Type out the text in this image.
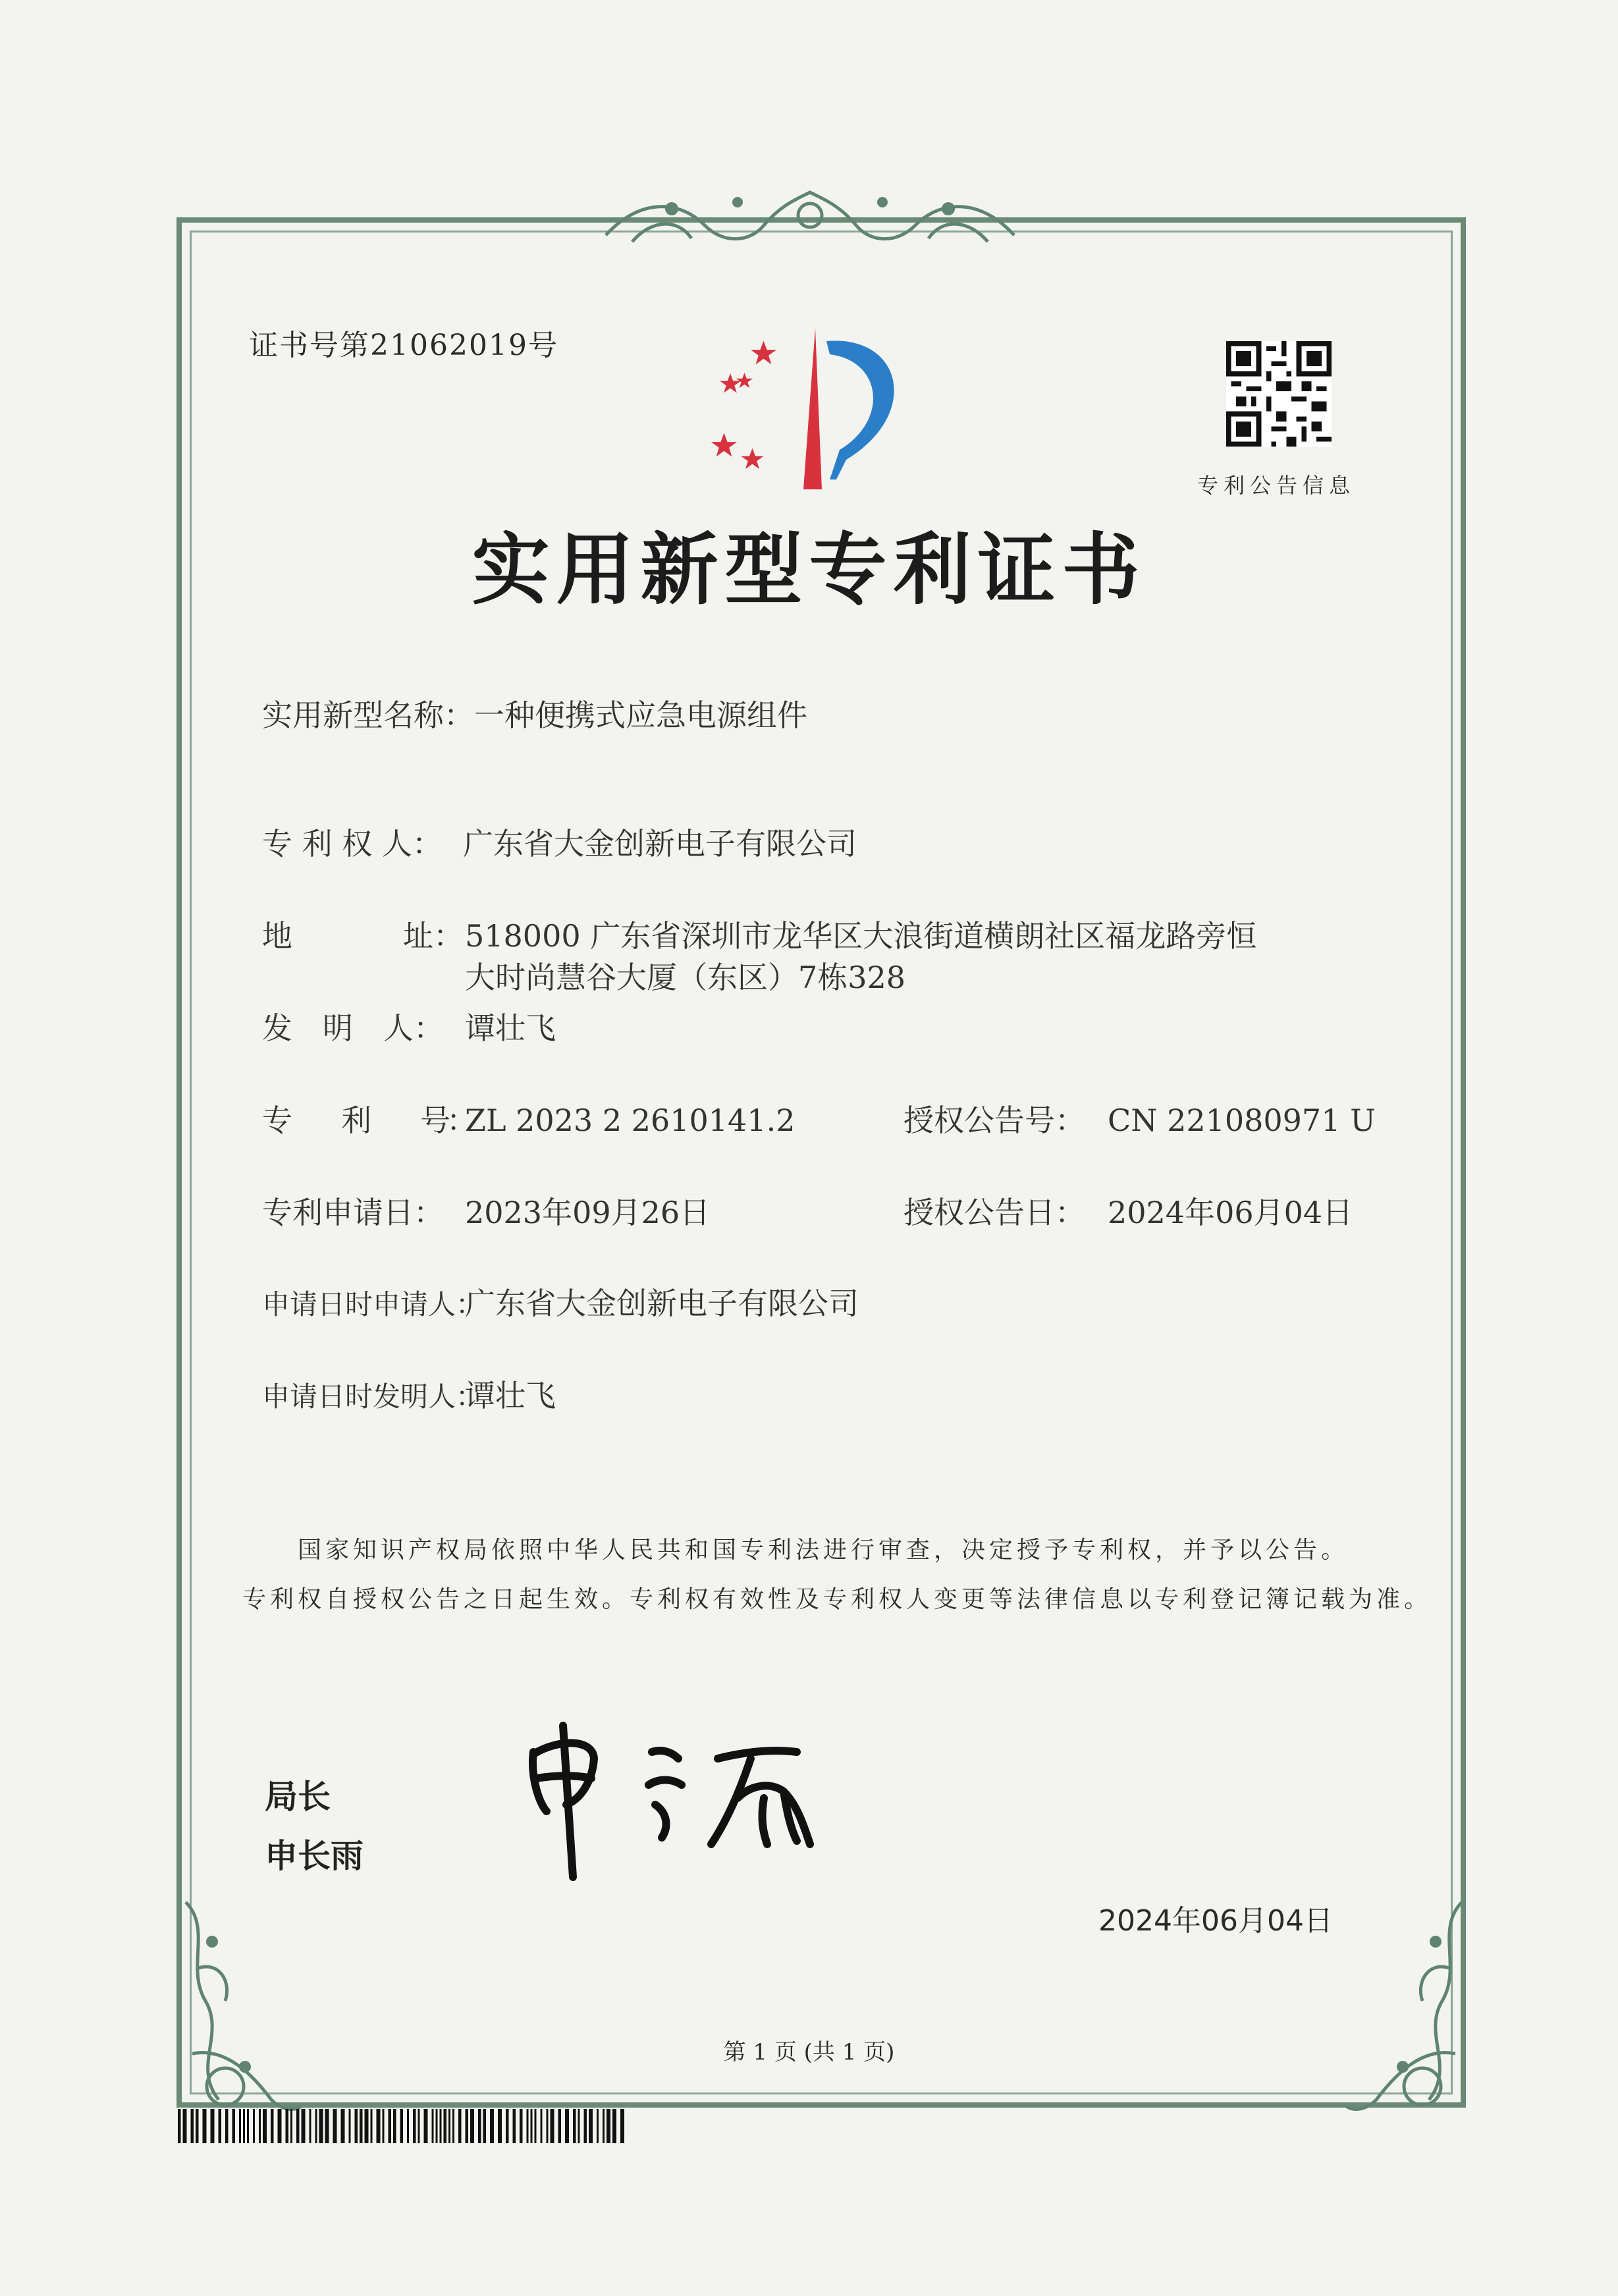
证书号第21062019号
专利公告信息
实用新型专利证书
实用新型名称：一种便携式应急电源组件
专 利 权 人： 广东省大金创新电子有限公司
地	址： 518000 广东省深圳市龙华区大浪街道横朗社区福龙路旁恒
大时尚慧谷大厦（东区）7栋328
发　明　人： 谭壮飞
专　　利　　号：ZL 2023 2 2610141.2	授权公告号： CN 221080971 U
专利申请日： 2023年09月26日	授权公告日： 2024年06月04日
申请日时申请人：广东省大金创新电子有限公司
申请日时发明人：谭壮飞
国家知识产权局依照中华人民共和国专利法进行审查，决定授予专利权，并予以公告。
专利权自授权公告之日起生效。专利权有效性及专利权人变更等法律信息以专利登记簿记载为准。
局长
申长雨
2024年06月04日
第 1 页 (共 1 页)
